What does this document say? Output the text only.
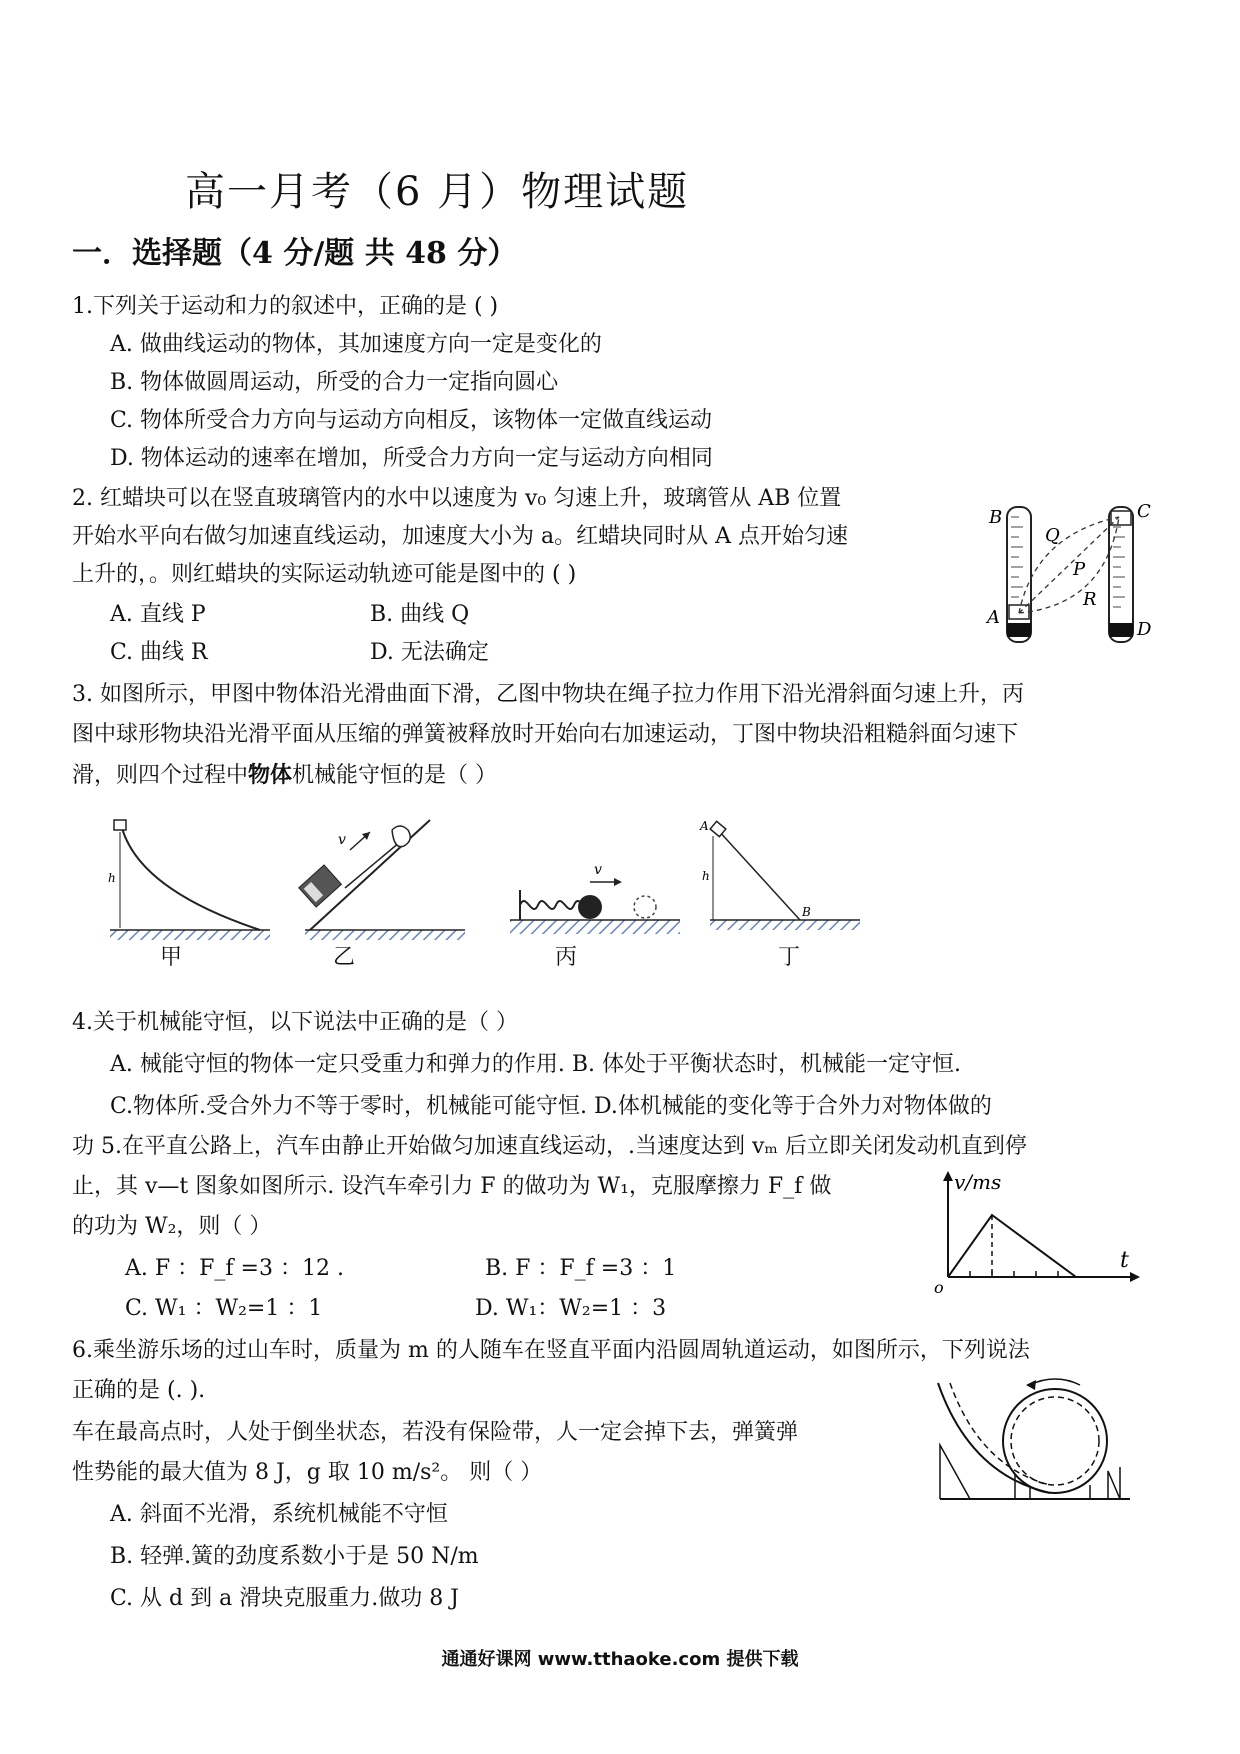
高一月考（6 月）物理试题
一．选择题（4 分/题 共 48 分）
1.下列关于运动和力的叙述中，正确的是 ( )
A. 做曲线运动的物体，其加速度方向一定是变化的
B. 物体做圆周运动，所受的合力一定指向圆心
C. 物体所受合力方向与运动方向相反，该物体一定做直线运动
D. 物体运动的速率在增加，所受合力方向一定与运动方向相同
2. 红蜡块可以在竖直玻璃管内的水中以速度为 v₀ 匀速上升，玻璃管从 AB 位置
开始水平向右做匀加速直线运动，加速度大小为 a。红蜡块同时从 A 点开始匀速
上升的，。则红蜡块的实际运动轨迹可能是图中的 ( )
A. 直线 P	B. 曲线 Q
C. 曲线 R	D. 无法确定
B
Q
C
P
R
A
D
3. 如图所示，甲图中物体沿光滑曲面下滑，乙图中物块在绳子拉力作用下沿光滑斜面匀速上升，丙
图中球形物块沿光滑平面从压缩的弹簧被释放时开始向右加速运动，丁图中物块沿粗糙斜面匀速下
滑，则四个过程中物体机械能守恒的是（ ）
h
v
v
A
h
B
甲	乙	丙	丁
4.关于机械能守恒，以下说法中正确的是（ ）
A. 械能守恒的物体一定只受重力和弹力的作用. B. 体处于平衡状态时，机械能一定守恒.
C.物体所.受合外力不等于零时，机械能可能守恒. D.体机械能的变化等于合外力对物体做的
功 5.在平直公路上，汽车由静止开始做匀加速直线运动，.当速度达到 vₘ 后立即关闭发动机直到停
止，其 v—t 图象如图所示. 设汽车牵引力 F 的做功为 W₁，克服摩擦力 F_f 做
的功为 W₂，则（ ）
A. F ：F_f =3 ：12 .	B. F ：F_f =3 ：1
C. W₁ ：W₂=1 ：1	D. W₁：W₂=1 ：3
v/ms
t
o
6.乘坐游乐场的过山车时，质量为 m 的人随车在竖直平面内沿圆周轨道运动，如图所示，下列说法
正确的是 (. ).
车在最高点时，人处于倒坐状态，若没有保险带，人一定会掉下去，弹簧弹
性势能的最大值为 8 J，g 取 10 m/s²。 则（ ）
A. 斜面不光滑，系统机械能不守恒
B. 轻弹.簧的劲度系数小于是 50 N/m
C. 从 d 到 a 滑块克服重力.做功 8 J
通通好课网 www.tthaoke.com 提供下载
